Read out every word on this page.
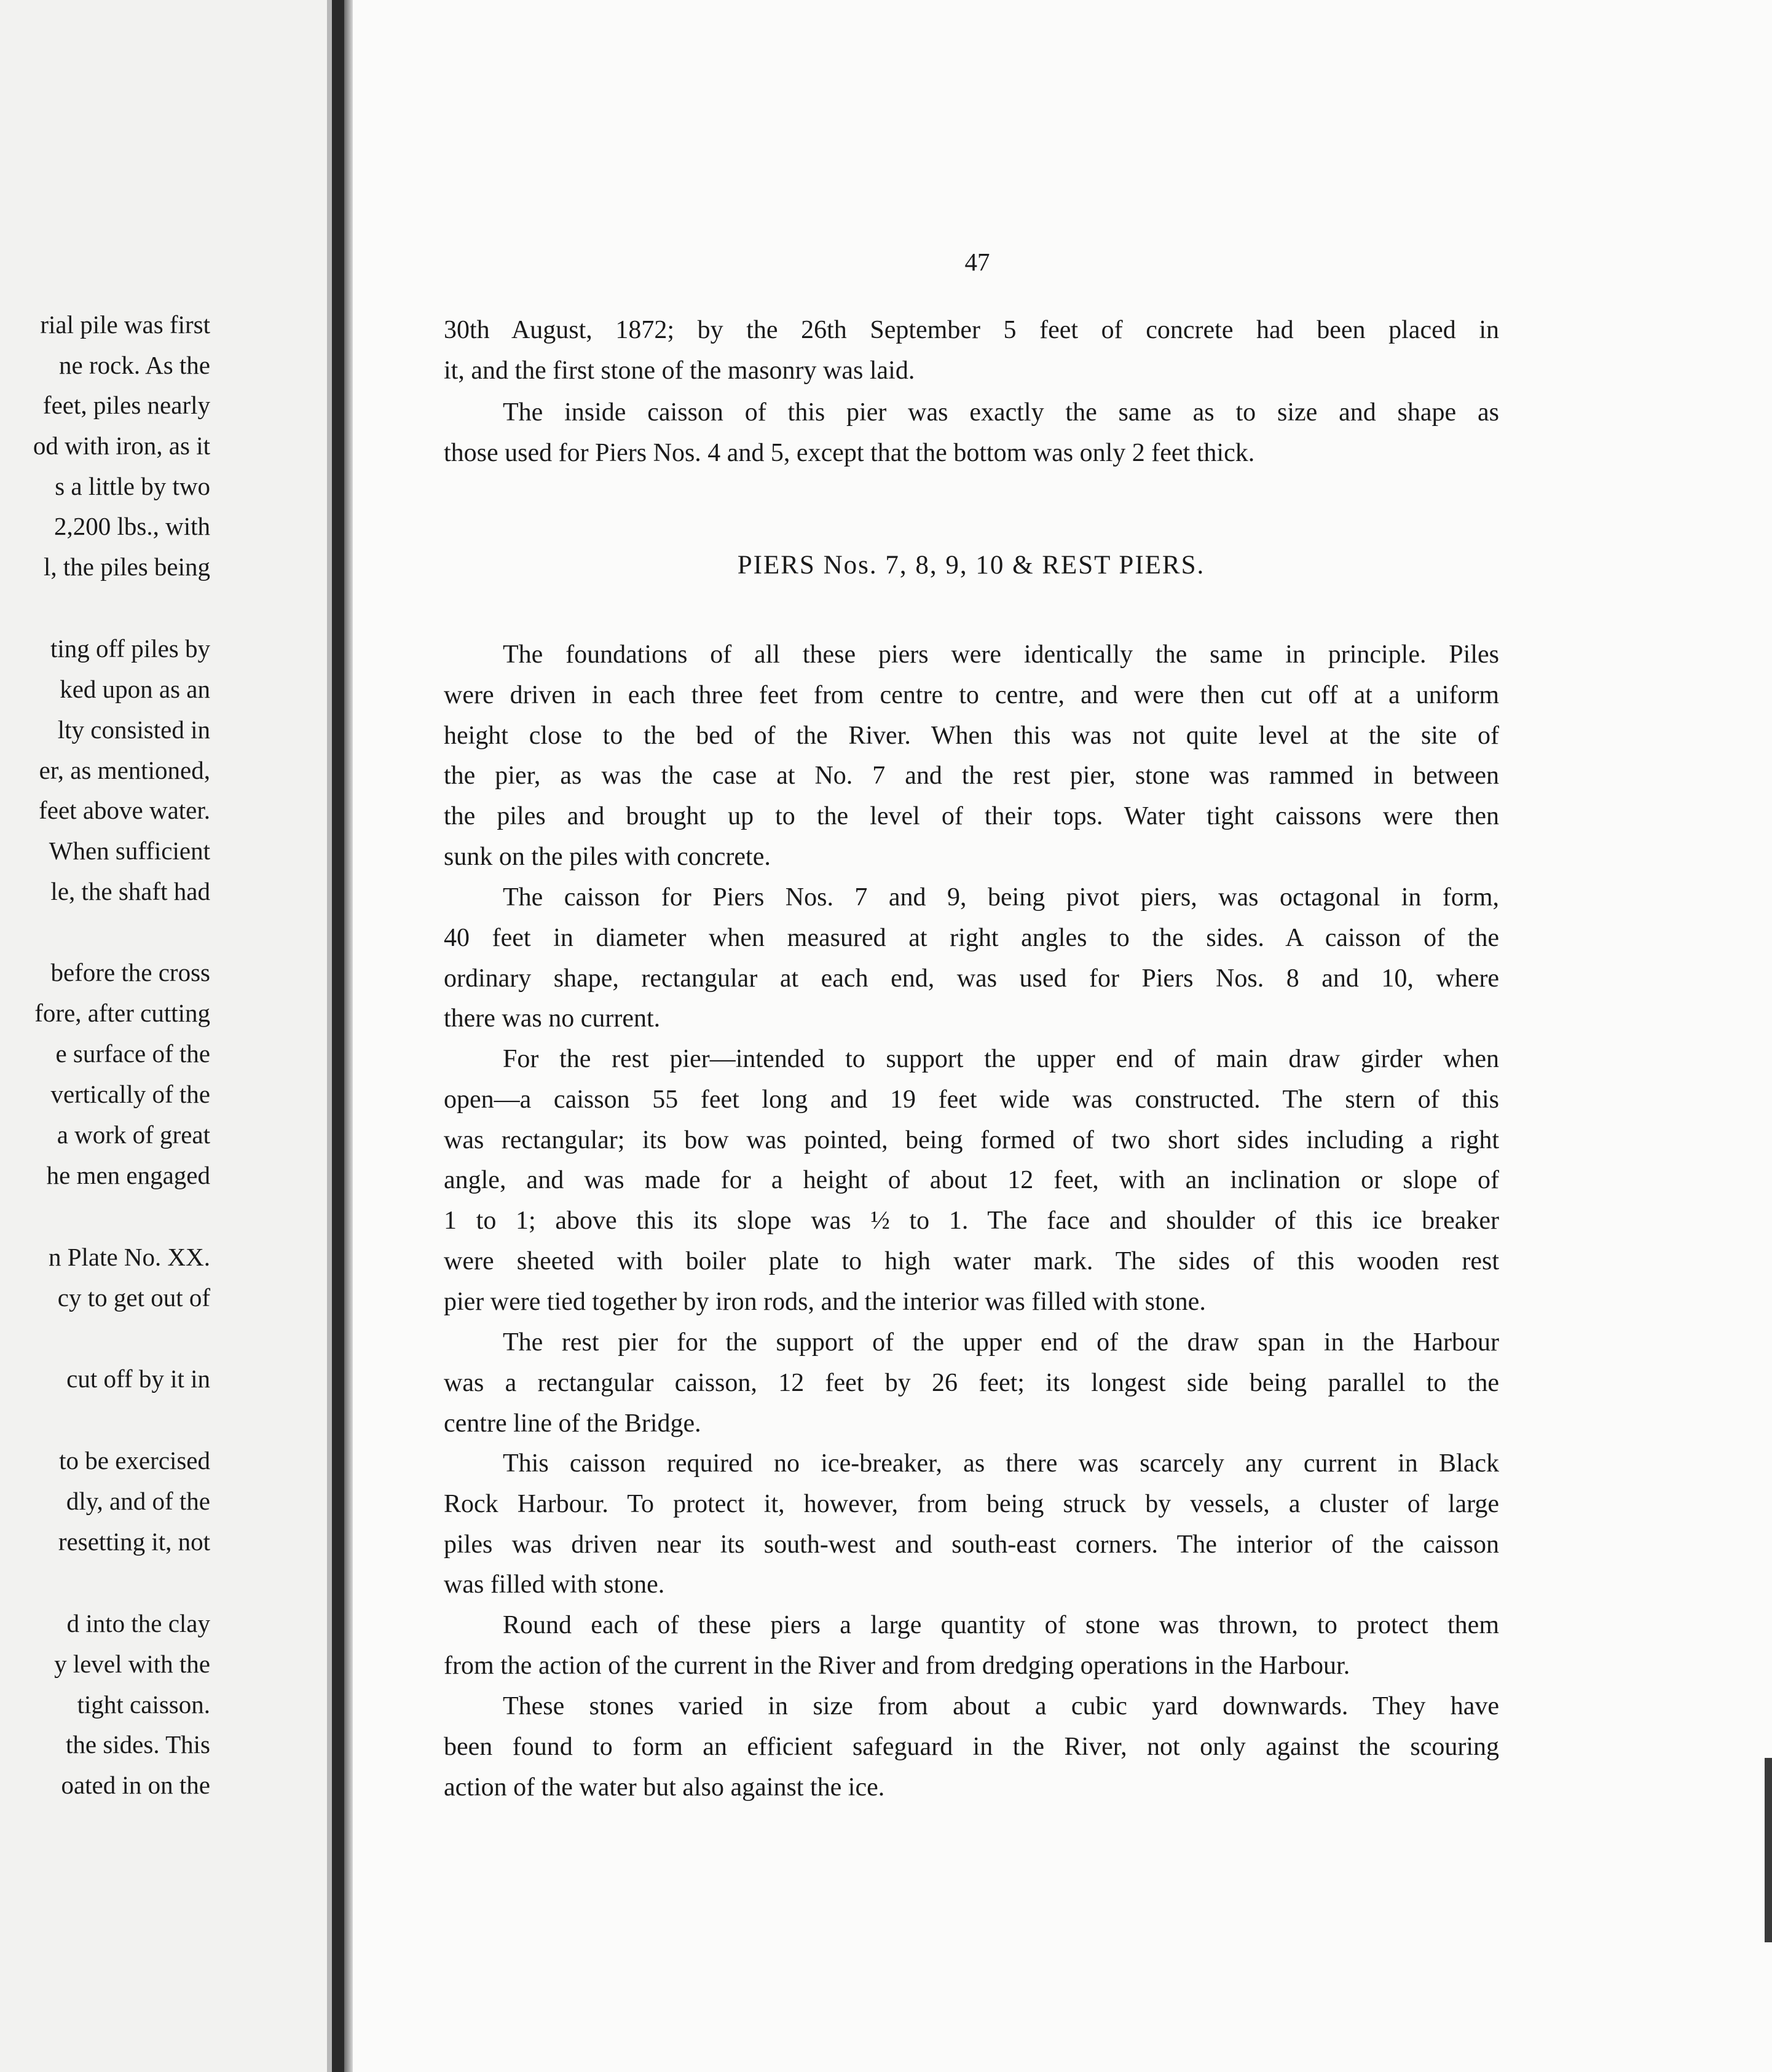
rial pile was first
ne rock. As the
feet, piles nearly
od with iron, as it
s a little by two
2,200 lbs., with
l, the piles being
ting off piles by
ked upon as an
lty consisted in
er, as mentioned,
feet above water.
When sufficient
le, the shaft had
before the cross
fore, after cutting
e surface of the
vertically of the
a work of great
he men engaged
n Plate No. XX.
cy to get out of
cut off by it in
to be exercised
dly, and of the
resetting it, not
d into the clay
y level with the
tight caisson.
the sides. This
oated in on the

47

30th August, 1872; by the 26th September 5 feet of concrete had been placed in
it, and the first stone of the masonry was laid.

The inside caisson of this pier was exactly the same as to size and shape as
those used for Piers Nos. 4 and 5, except that the bottom was only 2 feet thick.

PIERS Nos. 7, 8, 9, 10 & REST PIERS.

The foundations of all these piers were identically the same in principle. Piles
were driven in each three feet from centre to centre, and were then cut off at a uniform
height close to the bed of the River. When this was not quite level at the site of
the pier, as was the case at No. 7 and the rest pier, stone was rammed in between
the piles and brought up to the level of their tops. Water tight caissons were then
sunk on the piles with concrete.

The caisson for Piers Nos. 7 and 9, being pivot piers, was octagonal in form,
40 feet in diameter when measured at right angles to the sides. A caisson of the
ordinary shape, rectangular at each end, was used for Piers Nos. 8 and 10, where
there was no current.

For the rest pier—intended to support the upper end of main draw girder when
open—a caisson 55 feet long and 19 feet wide was constructed. The stern of this
was rectangular; its bow was pointed, being formed of two short sides including a right
angle, and was made for a height of about 12 feet, with an inclination or slope of
1 to 1; above this its slope was ½ to 1. The face and shoulder of this ice breaker
were sheeted with boiler plate to high water mark. The sides of this wooden rest
pier were tied together by iron rods, and the interior was filled with stone.

The rest pier for the support of the upper end of the draw span in the Harbour
was a rectangular caisson, 12 feet by 26 feet; its longest side being parallel to the
centre line of the Bridge.

This caisson required no ice-breaker, as there was scarcely any current in Black
Rock Harbour. To protect it, however, from being struck by vessels, a cluster of large
piles was driven near its south-west and south-east corners. The interior of the caisson
was filled with stone.

Round each of these piers a large quantity of stone was thrown, to protect them
from the action of the current in the River and from dredging operations in the Harbour.

These stones varied in size from about a cubic yard downwards. They have
been found to form an efficient safeguard in the River, not only against the scouring
action of the water but also against the ice.
